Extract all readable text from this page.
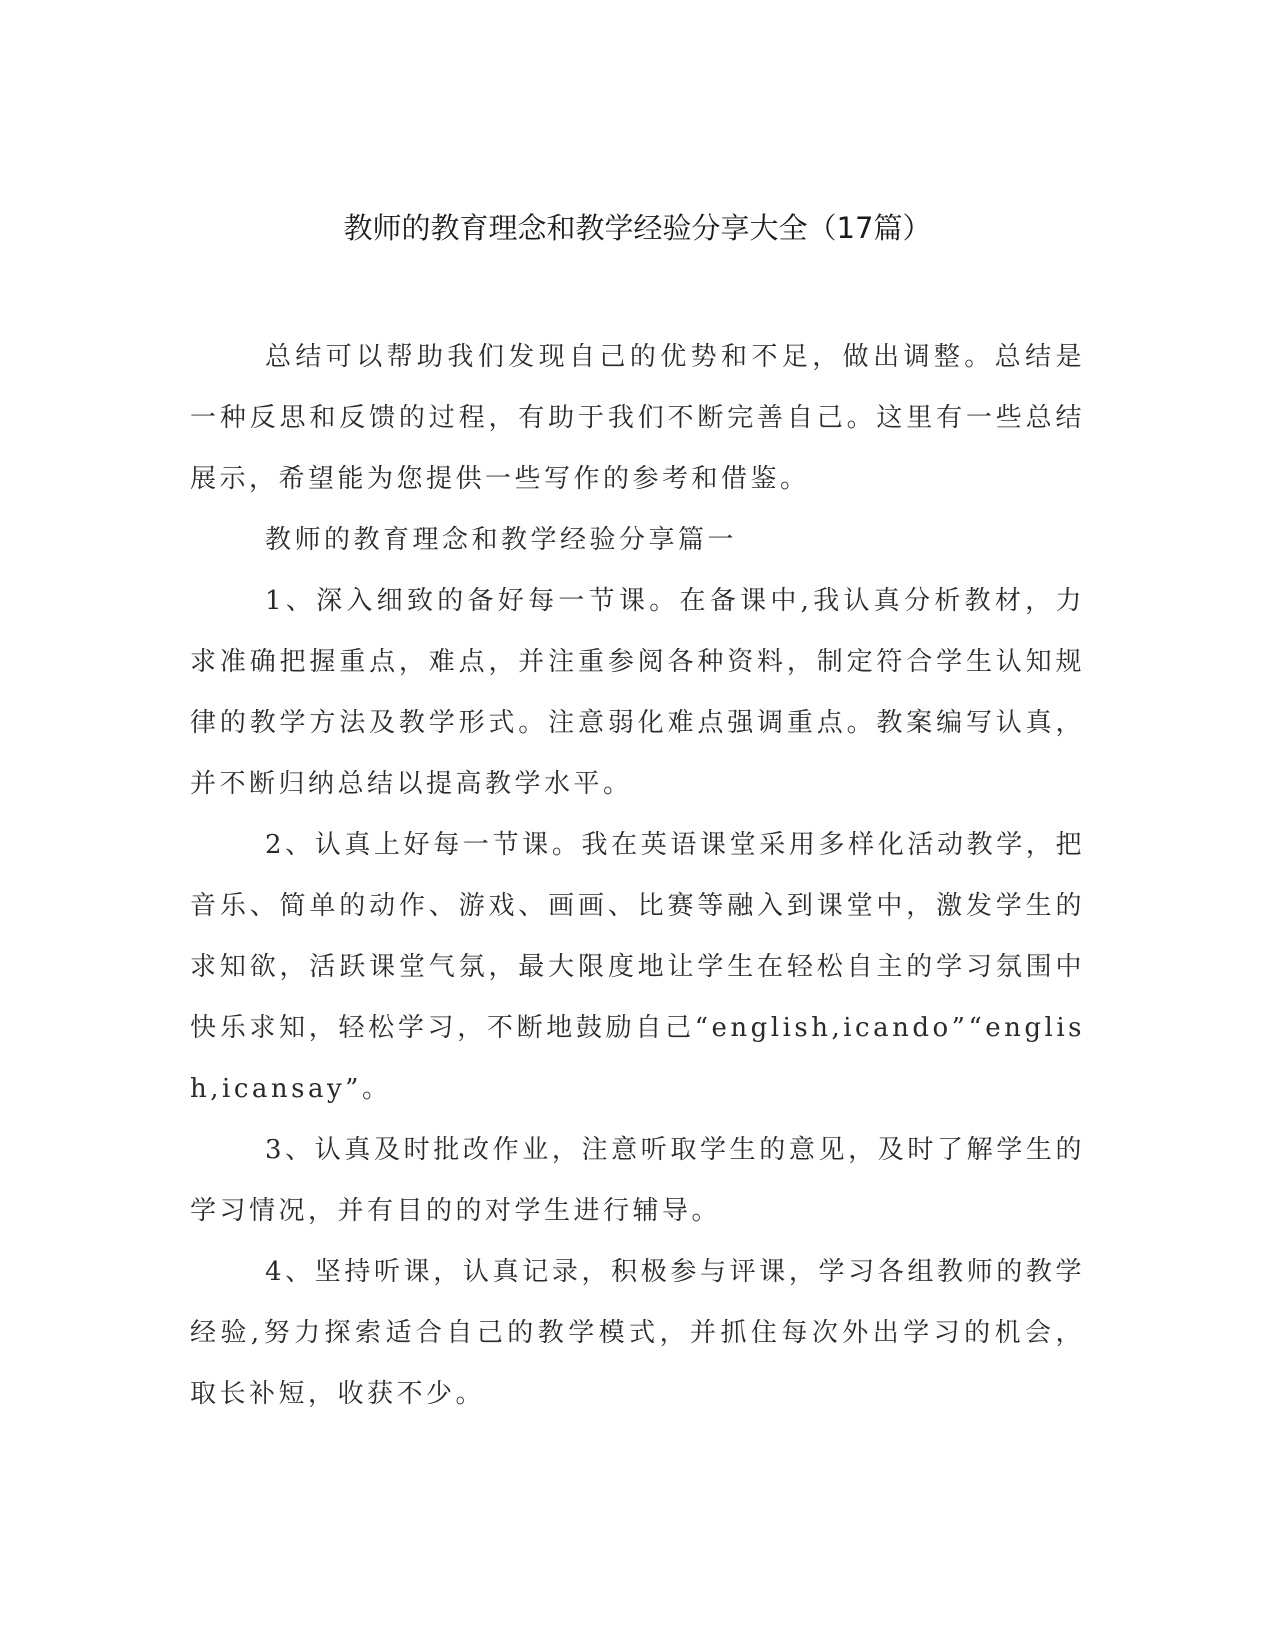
教师的教育理念和教学经验分享大全（17篇）

总结可以帮助我们发现自己的优势和不足，做出调整。总结是一种反思和反馈的过程，有助于我们不断完善自己。这里有一些总结展示，希望能为您提供一些写作的参考和借鉴。

教师的教育理念和教学经验分享篇一

1、深入细致的备好每一节课。在备课中,我认真分析教材，力求准确把握重点，难点，并注重参阅各种资料，制定符合学生认知规律的教学方法及教学形式。注意弱化难点强调重点。教案编写认真，并不断归纳总结以提高教学水平。

2、认真上好每一节课。我在英语课堂采用多样化活动教学，把音乐、简单的动作、游戏、画画、比赛等融入到课堂中，激发学生的求知欲，活跃课堂气氛，最大限度地让学生在轻松自主的学习氛围中快乐求知，轻松学习，不断地鼓励自己“english,icando”“english,icansay”。

3、认真及时批改作业，注意听取学生的意见，及时了解学生的学习情况，并有目的的对学生进行辅导。

4、坚持听课，认真记录，积极参与评课，学习各组教师的教学经验,努力探索适合自己的教学模式，并抓住每次外出学习的机会，取长补短，收获不少。
